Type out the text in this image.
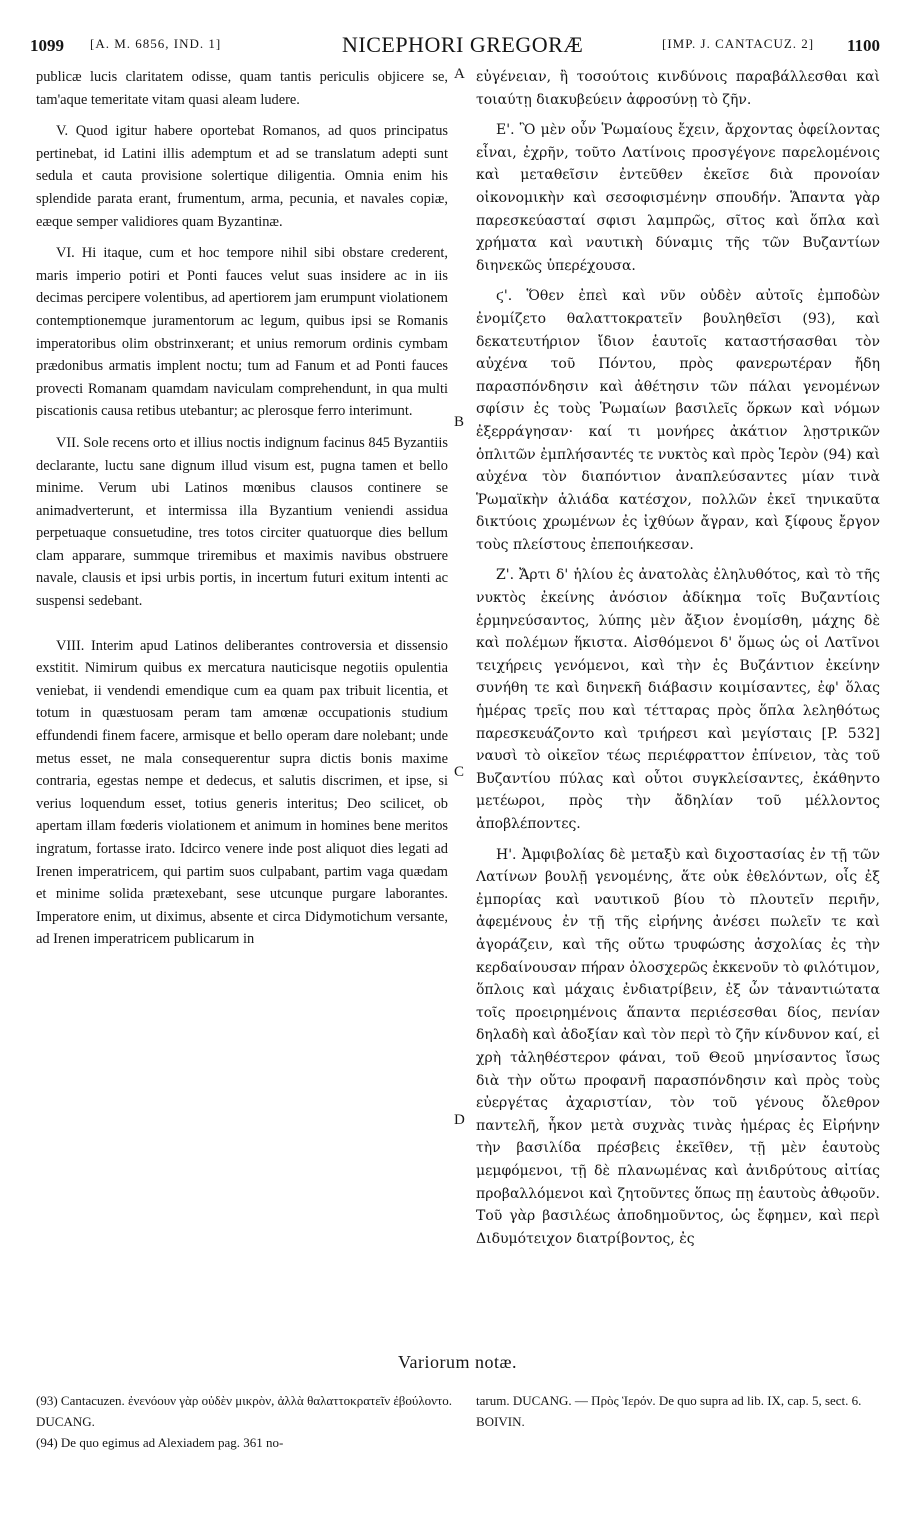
1099 [A. M. 6856, IND. 1]	NICEPHORI GREGORÆ	[IMP. J. CANTACUZ. 2] 1100

publicæ lucis claritatem odisse, quam tantis periculis objicere se, tam'aque temeritate vitam quasi aleam ludere.

V. Quod igitur habere oportebat Romanos, ad quos principatus pertinebat, id Latini illis ademptum et ad se translatum adepti sunt sedula et cauta provisione solertique diligentia. Omnia enim his splendide parata erant, frumentum, arma, pecunia, et navales copiæ, eæque semper validiores quam Byzantinæ.

VI. Hi itaque, cum et hoc tempore nihil sibi obstare crederent, maris imperio potiri et Ponti fauces velut suas insidere ac in iis decimas percipere volentibus, ad apertiorem jam erumpunt violationem contemptionemque juramentorum ac legum, quibus ipsi se Romanis imperatoribus olim obstrinxerant; et unius remorum ordinis cymbam prædonibus armatis implent noctu; tum ad Fanum et ad Ponti fauces provecti Romanam quamdam naviculam comprehendunt, in qua multi piscationis causa retibus utebantur; ac plerosque ferro interimunt.

VII. Sole recens orto et illius noctis indignum facinus 845 Byzantiis declarante, luctu sane dignum illud visum est, pugna tamen et bello minime. Verum ubi Latinos mœnibus clausos continere se animadverterunt, et intermissa illa Byzantium veniendi assidua perpetuaque consuetudine, tres totos circiter quatuorque dies bellum clam apparare, summque triremibus et maximis navibus obstruere navale, clausis et ipsi urbis portis, in incertum futuri exitum intenti ac suspensi sedebant.

VIII. Interim apud Latinos deliberantes controversia et dissensio exstitit. Nimirum quibus ex mercatura nauticisque negotiis opulentia veniebat, ii vendendi emendique cum ea quam pax tribuit licentia, et totum in quæstuosam peram tam amœnæ occupationis studium effundendi finem facere, armisque et bello operam dare nolebant; unde metus esset, ne mala consequerentur supra dictis bonis maxime contraria, egestas nempe et dedecus, et salutis discrimen, et ipse, si verius loquendum esset, totius generis interitus; Deo scilicet, ob apertam illam fœderis violationem et animum in homines bene meritos ingratum, fortasse irato. Idcirco venere inde post aliquot dies legati ad Irenen imperatricem, qui partim suos culpabant, partim vaga quædam et minime solida prætexebant, sese utcunque purgare laborantes. Imperatore enim, ut diximus, absente et circa Didymotichum versante, ad Irenen imperatricem publicarum in

A
B
C
D

εὐγένειαν, ἢ τοσούτοις κινδύνοις παραβάλλεσθαι καὶ τοιαύτῃ διακυβεύειν ἀφροσύνῃ τὸ ζῆν.

Ε'. Ὃ μὲν οὖν Ῥωμαίους ἔχειν, ἄρχοντας ὀφείλοντας εἶναι, ἐχρῆν, τοῦτο Λατίνοις προσγέγονε παρελομένοις καὶ μεταθεῖσιν ἐντεῦθεν ἐκεῖσε διὰ προνοίαν οἰκονομικὴν καὶ σεσοφισμένην σπουδήν. Ἅπαντα γὰρ παρεσκεύασταί σφισι λαμπρῶς, σῖτος καὶ ὅπλα καὶ χρήματα καὶ ναυτικὴ δύναμις τῆς τῶν Βυζαντίων διηνεκῶς ὑπερέχουσα.

ϛ'. Ὅθεν ἐπεὶ καὶ νῦν οὐδὲν αὐτοῖς ἐμποδὼν ἐνομίζετο θαλαττοκρατεῖν βουληθεῖσι (93), καὶ δεκατευτήριον ἴδιον ἑαυτοῖς καταστήσασθαι τὸν αὐχένα τοῦ Πόντου, πρὸς φανερωτέραν ἤδη παρασπόνδησιν καὶ ἀθέτησιν τῶν πάλαι γενομένων σφίσιν ἐς τοὺς Ῥωμαίων βασιλεῖς ὅρκων καὶ νόμων ἐξερράγησαν· καί τι μονήρες ἀκάτιον λῃστρικῶν ὁπλιτῶν ἐμπλήσαντές τε νυκτὸς καὶ πρὸς Ἱερὸν (94) καὶ αὐχένα τὸν διαπόντιον ἀναπλεύσαντες μίαν τινὰ Ῥωμαϊκὴν ἁλιάδα κατέσχον, πολλῶν ἐκεῖ τηνικαῦτα δικτύοις χρωμένων ἐς ἰχθύων ἄγραν, καὶ ξίφους ἔργον τοὺς πλείστους ἐπεποιήκεσαν.

Ζ'. Ἄρτι δ' ἡλίου ἐς ἀνατολὰς ἐληλυθότος, καὶ τὸ τῆς νυκτὸς ἐκείνης ἀνόσιον ἀδίκημα τοῖς Βυζαντίοις ἑρμηνεύσαντος, λύπης μὲν ἄξιον ἐνομίσθη, μάχης δὲ καὶ πολέμων ἥκιστα. Αἰσθόμενοι δ' ὅμως ὡς οἱ Λατῖνοι τειχήρεις γενόμενοι, καὶ τὴν ἐς Βυζάντιον ἐκείνην συνήθη τε καὶ διηνεκῆ διάβασιν κοιμίσαντες, ἐφ' ὅλας ἡμέρας τρεῖς που καὶ τέτταρας πρὸς ὅπλα λεληθότως παρεσκευάζοντο καὶ τριήρεσι καὶ μεγίσταις [P. 532] ναυσὶ τὸ οἰκεῖον τέως περιέφραττον ἐπίνειον, τὰς τοῦ Βυζαντίου πύλας καὶ οὗτοι συγκλείσαντες, ἐκάθηντο μετέωροι, πρὸς τὴν ἄδηλίαν τοῦ μέλλοντος ἀποβλέποντες.

Η'. Ἀμφιβολίας δὲ μεταξὺ καὶ διχοστασίας ἐν τῇ τῶν Λατίνων βουλῇ γενομένης, ἅτε οὐκ ἐθελόντων, οἷς ἐξ ἐμπορίας καὶ ναυτικοῦ βίου τὸ πλουτεῖν περιῆν, ἀφεμένους ἐν τῇ τῆς εἰρήνης ἀνέσει πωλεῖν τε καὶ ἀγοράζειν, καὶ τῆς οὕτω τρυφώσης ἀσχολίας ἐς τὴν κερδαίνουσαν πήραν ὀλοσχερῶς ἐκκενοῦν τὸ φιλότιμον, ὅπλοις καὶ μάχαις ἐνδιατρίβειν, ἐξ ὧν τἀναντιώτατα τοῖς προειρημένοις ἅπαντα περιέσεσθαι δίος, πενίαν δηλαδὴ καὶ ἀδοξίαν καὶ τὸν περὶ τὸ ζῆν κίνδυνον καί, εἰ χρὴ τἀληθέστερον φάναι, τοῦ Θεοῦ μηνίσαντος ἴσως διὰ τὴν οὕτω προφανῆ παρασπόνδησιν καὶ πρὸς τοὺς εὐεργέτας ἀχαριστίαν, τὸν τοῦ γένους ὄλεθρον παντελῆ, ἧκον μετὰ συχνὰς τινὰς ἡμέρας ἐς Εἰρήνην τὴν βασιλίδα πρέσβεις ἐκεῖθεν, τῇ μὲν ἑαυτοὺς μεμφόμενοι, τῇ δὲ πλανωμένας καὶ ἀνιδρύτους αἰτίας προβαλλόμενοι καὶ ζητοῦντες ὅπως πῃ ἑαυτοὺς ἀθῳοῦν. Τοῦ γὰρ βασιλέως ἀποδημοῦντος, ὡς ἔφημεν, καὶ περὶ Διδυμότειχον διατρίβοντος, ἐς

Variorum notæ.

(93) Cantacuzen. ἐνενόουν γὰρ οὐδὲν μικρὸν, ἀλλὰ θαλαττοκρατεῖν ἐβούλοντο. DUCANG.

(94) De quo egimus ad Alexiadem pag. 361 no-

tarum. DUCANG. — Πρὸς Ἱερόν. De quo supra ad lib. IX, cap. 5, sect. 6. BOIVIN.
